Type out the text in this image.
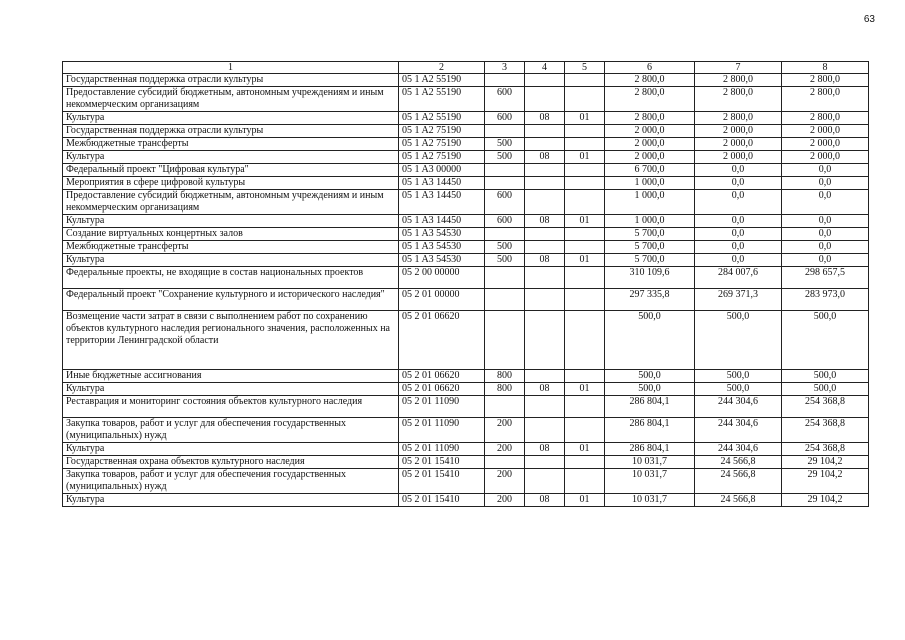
63
1	2	3	4	5	6	7	8
Государственная поддержка отрасли культуры	05 1 A2 55190				2 800,0	2 800,0	2 800,0
Предоставление субсидий бюджетным, автономным учреждениям и иным некоммерческим организациям	05 1 A2 55190	600			2 800,0	2 800,0	2 800,0
Культура	05 1 A2 55190	600	08	01	2 800,0	2 800,0	2 800,0
Государственная поддержка отрасли культуры	05 1 A2 75190				2 000,0	2 000,0	2 000,0
Межбюджетные трансферты	05 1 A2 75190	500			2 000,0	2 000,0	2 000,0
Культура	05 1 A2 75190	500	08	01	2 000,0	2 000,0	2 000,0
Федеральный проект "Цифровая культура"	05 1 A3 00000				6 700,0	0,0	0,0
Мероприятия в сфере цифровой культуры	05 1 A3 14450				1 000,0	0,0	0,0
Предоставление субсидий бюджетным, автономным учреждениям и иным некоммерческим организациям	05 1 A3 14450	600			1 000,0	0,0	0,0
Культура	05 1 A3 14450	600	08	01	1 000,0	0,0	0,0
Создание виртуальных концертных залов	05 1 A3 54530				5 700,0	0,0	0,0
Межбюджетные трансферты	05 1 A3 54530	500			5 700,0	0,0	0,0
Культура	05 1 A3 54530	500	08	01	5 700,0	0,0	0,0
Федеральные проекты, не входящие в состав национальных проектов	05 2 00 00000				310 109,6	284 007,6	298 657,5
Федеральный проект "Сохранение культурного и исторического наследия"	05 2 01 00000				297 335,8	269 371,3	283 973,0
Возмещение части затрат в связи с выполнением работ по сохранению объектов культурного наследия регионального значения, расположенных на территории Ленинградской области	05 2 01 06620				500,0	500,0	500,0
Иные бюджетные ассигнования	05 2 01 06620	800			500,0	500,0	500,0
Культура	05 2 01 06620	800	08	01	500,0	500,0	500,0
Реставрация и мониторинг состояния объектов культурного наследия	05 2 01 11090				286 804,1	244 304,6	254 368,8
Закупка товаров, работ и услуг для обеспечения государственных (муниципальных) нужд	05 2 01 11090	200			286 804,1	244 304,6	254 368,8
Культура	05 2 01 11090	200	08	01	286 804,1	244 304,6	254 368,8
Государственная охрана объектов культурного наследия	05 2 01 15410				10 031,7	24 566,8	29 104,2
Закупка товаров, работ и услуг для обеспечения государственных (муниципальных) нужд	05 2 01 15410	200			10 031,7	24 566,8	29 104,2
Культура	05 2 01 15410	200	08	01	10 031,7	24 566,8	29 104,2
